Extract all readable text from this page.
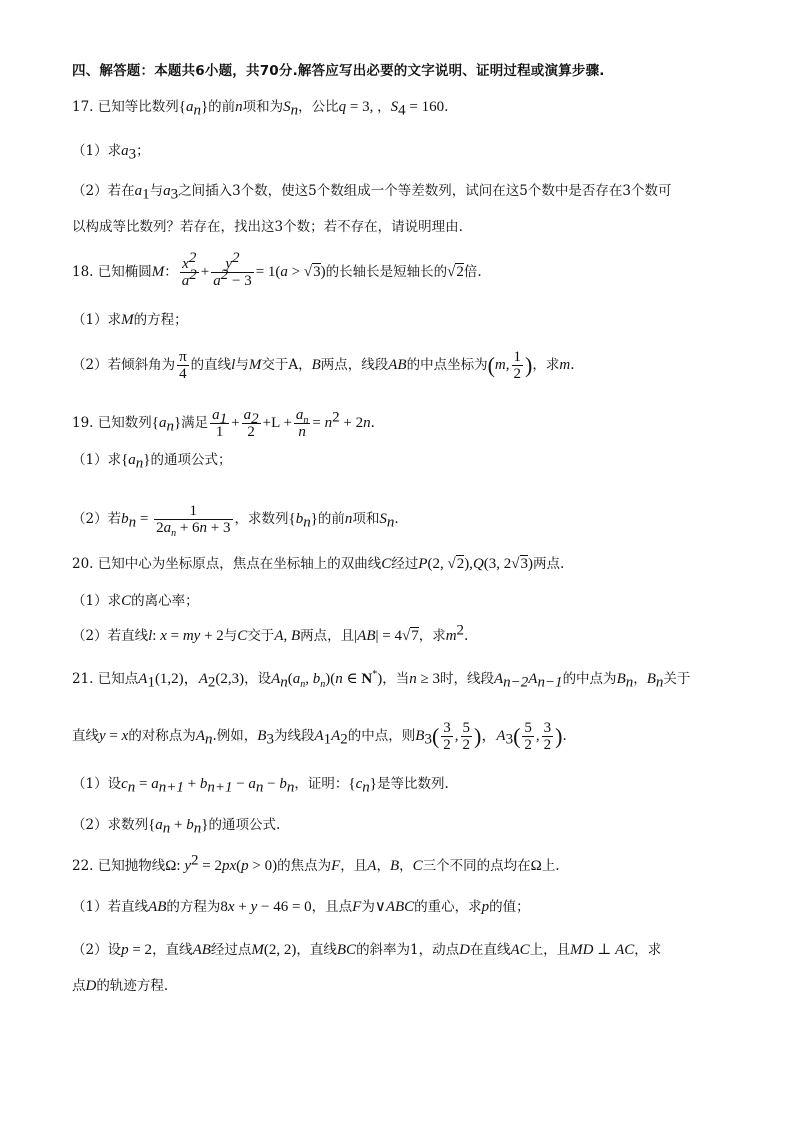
四、解答题：本题共6小题，共70分.解答应写出必要的文字说明、证明过程或演算步骤.
17. 已知等比数列$\{a_n\}$的前n项和为$S_n$，公比q = 3, ，$S_4 = 160$.
（1）求$a_3$；
（2）若在$a_1$与$a_3$之间插入3个数，使这5个数组成一个等差数列，试问在这5个数中是否存在3个数可
以构成等比数列？若存在，找出这3个数；若不存在，请说明理由.
18. 已知椭圆M： $\frac{x^2}{a^2} + \frac{y^2}{a^2 - 3} = 1(a > √3)$的长轴长是短轴长的√2倍.
（1）求M的方程；
（2）若倾斜角为 $\frac{\pi}{4}$ 的直线l与M交于A，B两点，线段AB的中点坐标为(m, $\frac{1}{2}$ )，求m.
19. 已知数列$\{a_n\}$满足 $\frac{a_1}{1} + \frac{a_2}{2} +L + \frac{a_n}{n} = n^2 + 2n$.
（1）求$\{a_n\}$的通项公式；
（2）若$b_n = \frac{1}{2a_n + 6n + 3}$ ，求数列$\{b_n\}$的前n项和$S_n$.
20. 已知中心为坐标原点，焦点在坐标轴上的双曲线C经过P(2, √2),Q(3, 2√3)两点.
（1）求C的离心率；
（2）若直线l: x = my + 2与C交于A, B两点，且|AB| = 4√7，求$m^2$.
21. 已知点$A_1(1,2)$，$A_2(2,3)$，设$A_n(a_n$, $b_n)(n$ ∈ N*)，当n ≥ 3时，线段$A_{n-2}A_{n-1}$的中点为$B_n$，$B_n$关于
直线y = x的对称点为$A_n$.例如，$B_3$为线段$A_1A_2$的中点，则$B_3( \frac{3}{2}$ , $\frac{5}{2}$ )，$A_3( \frac{5}{2}$ , $\frac{3}{2}$ ).
（1）设$c_n = a_{n+1} + b_{n+1} - a_n - b_n$，证明：$\{c_n\}$是等比数列.
（2）求数列$\{a_n + b_n\}$的通项公式.
22. 已知抛物线Ω: $y^2 = 2px(p > 0)$的焦点为F，且A，B，C三个不同的点均在Ω上.
（1）若直线AB的方程为8x + y − 46 = 0，且点F为∨ABC的重心，求p的值；
（2）设p = 2，直线AB经过点M(2, 2)，直线BC的斜率为1，动点D在直线AC上，且MD ⊥ AC，求
点D的轨迹方程.
